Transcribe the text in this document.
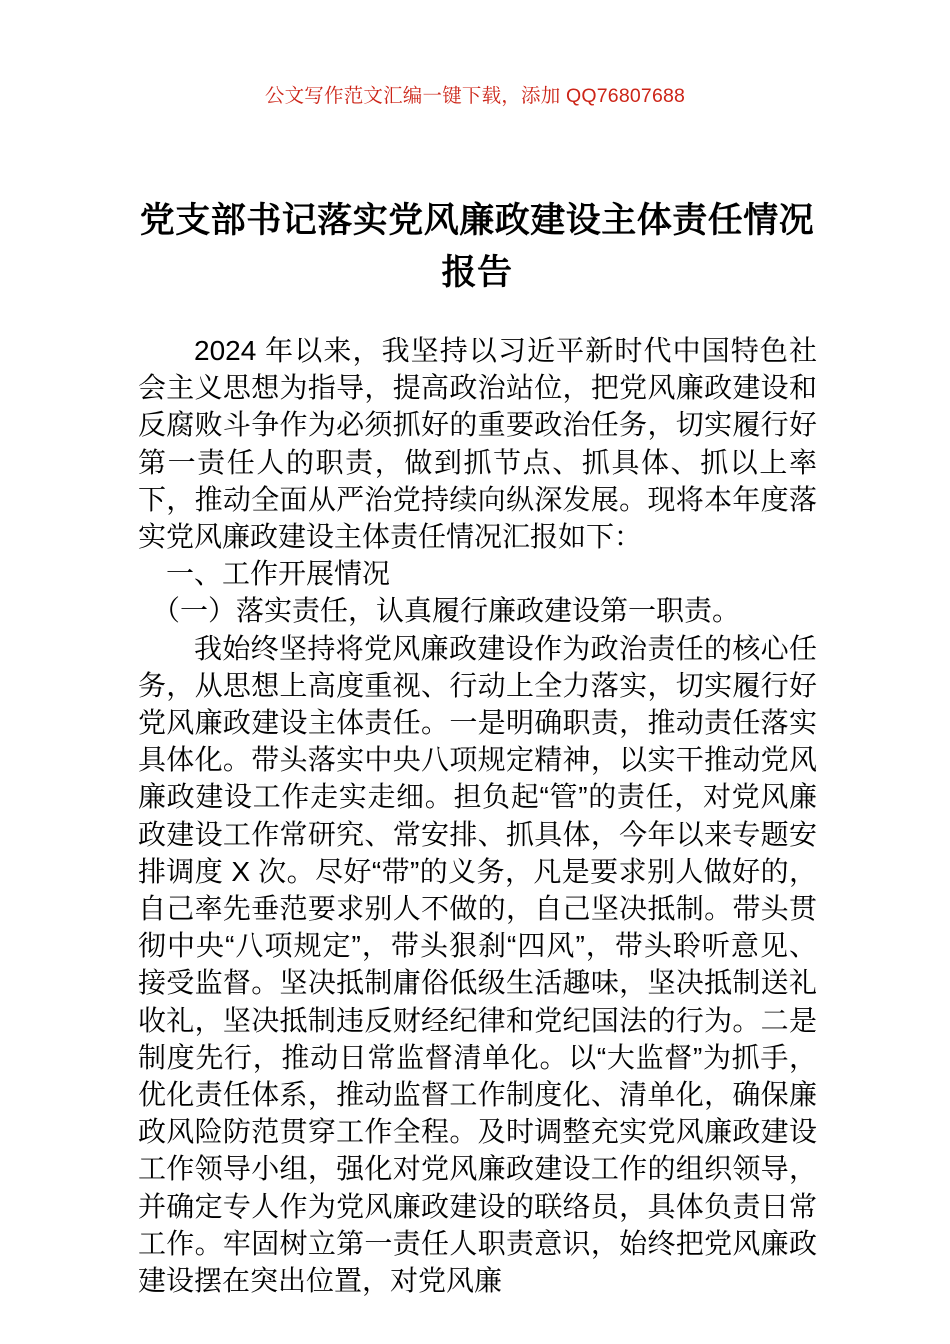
公文写作范文汇编一键下载，添加 QQ76807688
党支部书记落实党风廉政建设主体责任情况报告

2024 年以来，我坚持以习近平新时代中国特色社会主义思想为指导，提高政治站位，把党风廉政建设和反腐败斗争作为必须抓好的重要政治任务，切实履行好第一责任人的职责，做到抓节点、抓具体、抓以上率下，推动全面从严治党持续向纵深发展。现将本年度落实党风廉政建设主体责任情况汇报如下：

一、工作开展情况

（一）落实责任，认真履行廉政建设第一职责。

我始终坚持将党风廉政建设作为政治责任的核心任务，从思想上高度重视、行动上全力落实，切实履行好党风廉政建设主体责任。一是明确职责，推动责任落实具体化。带头落实中央八项规定精神，以实干推动党风廉政建设工作走实走细。担负起“管”的责任，对党风廉政建设工作常研究、常安排、抓具体，今年以来专题安排调度 X 次。尽好“带”的义务，凡是要求别人做好的，自己率先垂范要求别人不做的，自己坚决抵制。带头贯彻中央“八项规定”，带头狠刹“四风”，带头聆听意见、接受监督。坚决抵制庸俗低级生活趣味，坚决抵制送礼收礼，坚决抵制违反财经纪律和党纪国法的行为。二是制度先行，推动日常监督清单化。以“大监督”为抓手，优化责任体系，推动监督工作制度化、清单化，确保廉政风险防范贯穿工作全程。及时调整充实党风廉政建设工作领导小组，强化对党风廉政建设工作的组织领导，并确定专人作为党风廉政建设的联络员，具体负责日常工作。牢固树立第一责任人职责意识，始终把党风廉政建设摆在突出位置，对党风廉
